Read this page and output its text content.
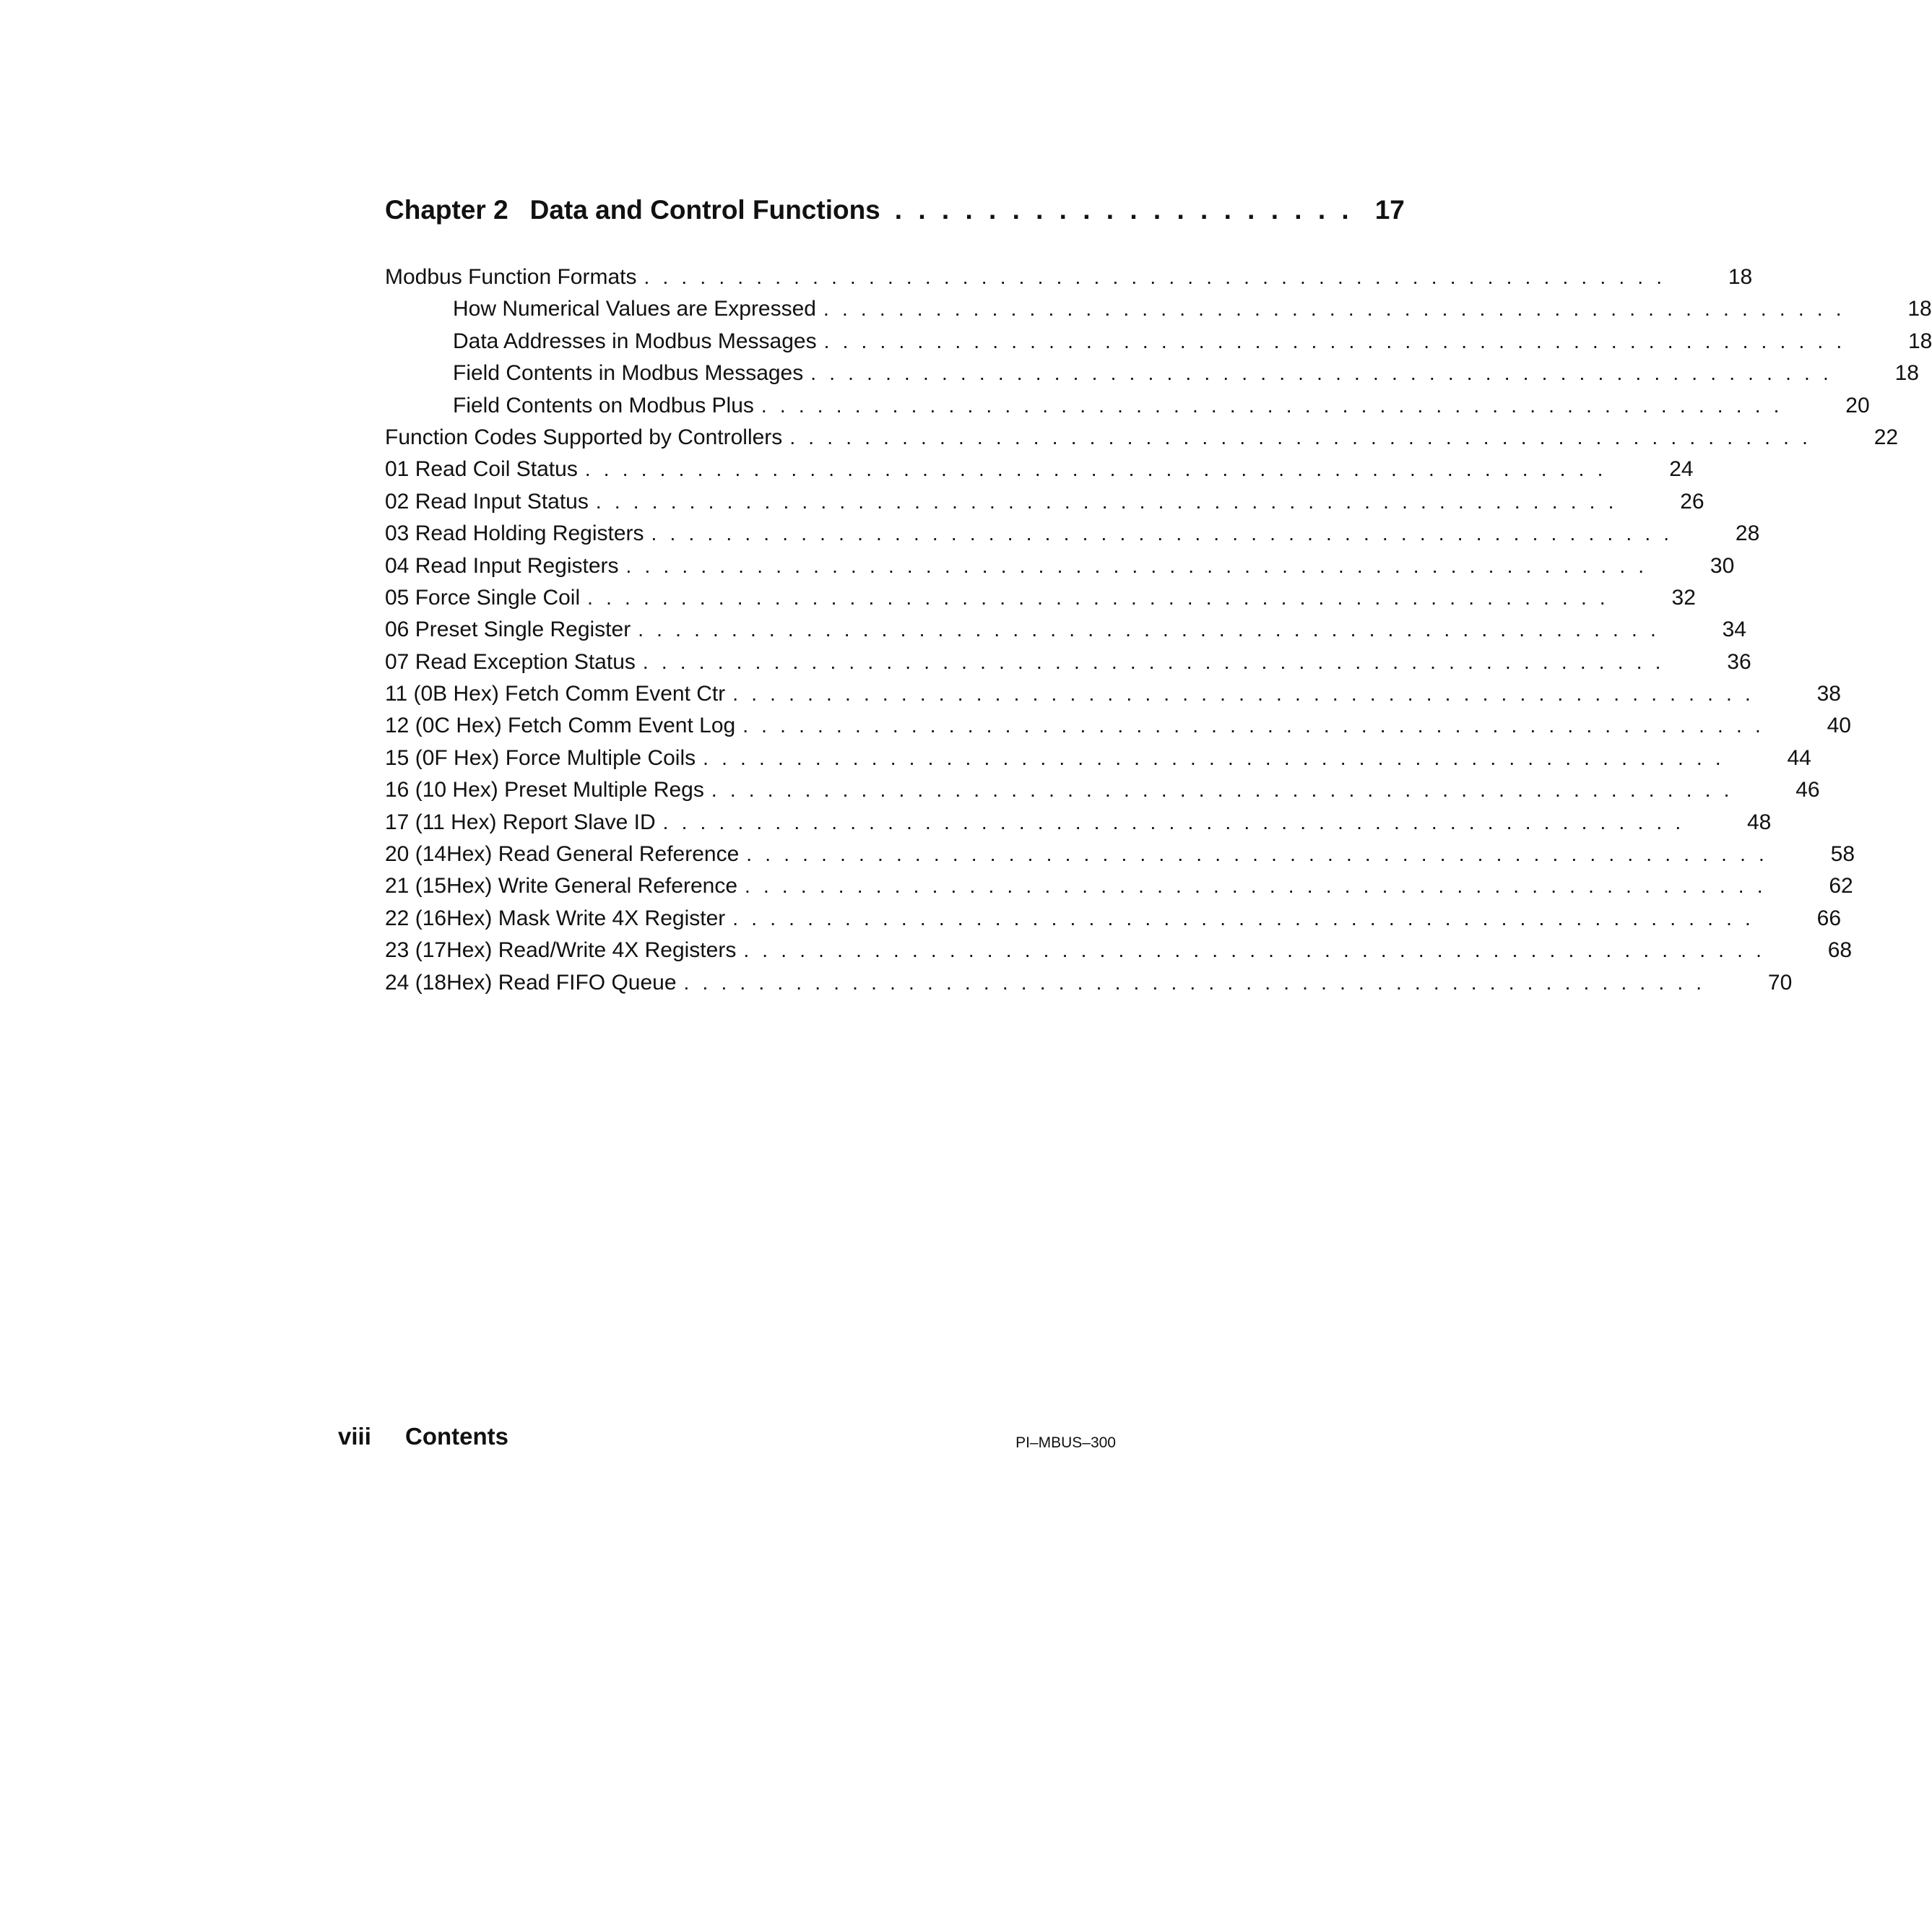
Chapter 2 Data and Control Functions . . . . . . . . . . . . . . . . . . . . 17
Modbus Function Formats . . . . . . . . . . . . . . . . . . . . . . . . . . . . . . . . . . . . . . . . . . . . . . . . . . . . . . .	18
How Numerical Values are Expressed . . . . . . . . . . . . . . . . . . . . . . . . . . . . . . . . . . . . . . . . . . . . . . . . . . . . . . .	18
Data Addresses in Modbus Messages . . . . . . . . . . . . . . . . . . . . . . . . . . . . . . . . . . . . . . . . . . . . . . . . . . . . . . .	18
Field Contents in Modbus Messages . . . . . . . . . . . . . . . . . . . . . . . . . . . . . . . . . . . . . . . . . . . . . . . . . . . . . . .	18
Field Contents on Modbus Plus . . . . . . . . . . . . . . . . . . . . . . . . . . . . . . . . . . . . . . . . . . . . . . . . . . . . . . .	20
Function Codes Supported by Controllers . . . . . . . . . . . . . . . . . . . . . . . . . . . . . . . . . . . . . . . . . . . . . . . . . . . . . . .	22
01 Read Coil Status . . . . . . . . . . . . . . . . . . . . . . . . . . . . . . . . . . . . . . . . . . . . . . . . . . . . . . .	24
02 Read Input Status . . . . . . . . . . . . . . . . . . . . . . . . . . . . . . . . . . . . . . . . . . . . . . . . . . . . . . .	26
03 Read Holding Registers . . . . . . . . . . . . . . . . . . . . . . . . . . . . . . . . . . . . . . . . . . . . . . . . . . . . . . .	28
04 Read Input Registers . . . . . . . . . . . . . . . . . . . . . . . . . . . . . . . . . . . . . . . . . . . . . . . . . . . . . . .	30
05 Force Single Coil . . . . . . . . . . . . . . . . . . . . . . . . . . . . . . . . . . . . . . . . . . . . . . . . . . . . . . .	32
06 Preset Single Register . . . . . . . . . . . . . . . . . . . . . . . . . . . . . . . . . . . . . . . . . . . . . . . . . . . . . . .	34
07 Read Exception Status . . . . . . . . . . . . . . . . . . . . . . . . . . . . . . . . . . . . . . . . . . . . . . . . . . . . . . .	36
11 (0B Hex) Fetch Comm Event Ctr . . . . . . . . . . . . . . . . . . . . . . . . . . . . . . . . . . . . . . . . . . . . . . . . . . . . . . .	38
12 (0C Hex) Fetch Comm Event Log . . . . . . . . . . . . . . . . . . . . . . . . . . . . . . . . . . . . . . . . . . . . . . . . . . . . . . .	40
15 (0F Hex) Force Multiple Coils . . . . . . . . . . . . . . . . . . . . . . . . . . . . . . . . . . . . . . . . . . . . . . . . . . . . . . .	44
16 (10 Hex) Preset Multiple Regs . . . . . . . . . . . . . . . . . . . . . . . . . . . . . . . . . . . . . . . . . . . . . . . . . . . . . . .	46
17 (11 Hex) Report Slave ID . . . . . . . . . . . . . . . . . . . . . . . . . . . . . . . . . . . . . . . . . . . . . . . . . . . . . . .	48
20 (14Hex) Read General Reference . . . . . . . . . . . . . . . . . . . . . . . . . . . . . . . . . . . . . . . . . . . . . . . . . . . . . . .	58
21 (15Hex) Write General Reference . . . . . . . . . . . . . . . . . . . . . . . . . . . . . . . . . . . . . . . . . . . . . . . . . . . . . . .	62
22 (16Hex) Mask Write 4X Register . . . . . . . . . . . . . . . . . . . . . . . . . . . . . . . . . . . . . . . . . . . . . . . . . . . . . . .	66
23 (17Hex) Read/Write 4X Registers . . . . . . . . . . . . . . . . . . . . . . . . . . . . . . . . . . . . . . . . . . . . . . . . . . . . . . .	68
24 (18Hex) Read FIFO Queue . . . . . . . . . . . . . . . . . . . . . . . . . . . . . . . . . . . . . . . . . . . . . . . . . . . . . . .	70
viii Contents	PI–MBUS–300
